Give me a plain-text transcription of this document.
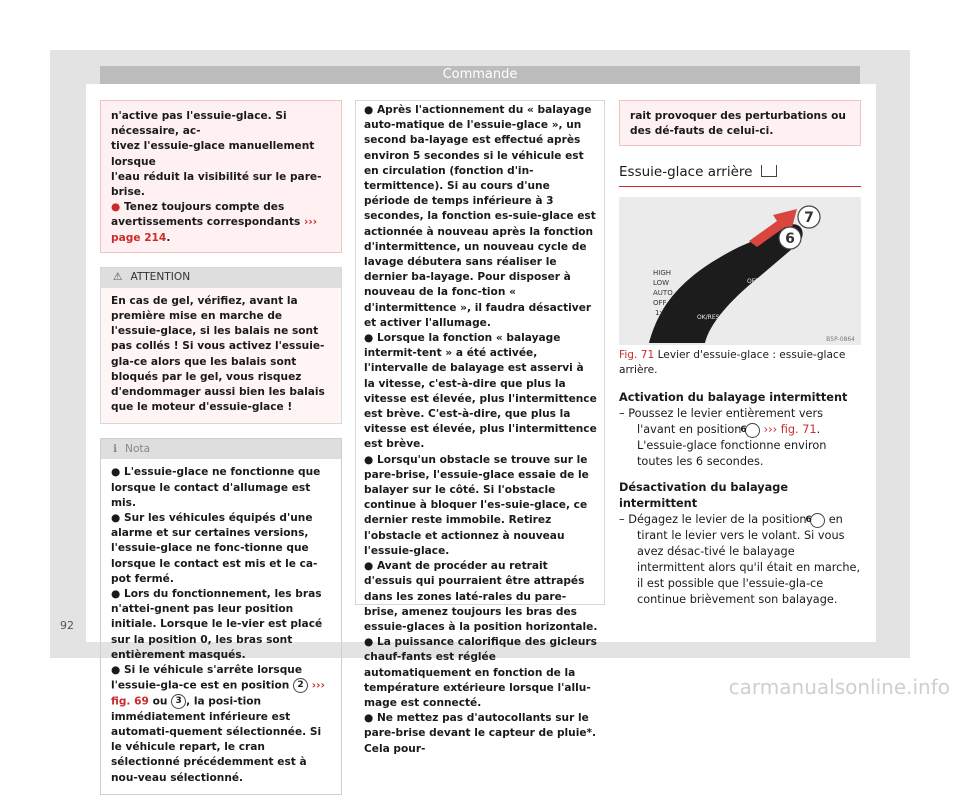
Commande
n'active pas l'essuie-glace. Si nécessaire, ac-
tivez l'essuie-glace manuellement lorsque
l'eau réduit la visibilité sur le pare-brise.
● Tenez toujours compte des avertissements correspondants ››› page 214.
⚠ ATTENTION
En cas de gel, vérifiez, avant la première mise en marche de l'essuie-glace, si les balais ne sont pas collés ! Si vous activez l'essuie-gla-ce alors que les balais sont bloqués par le gel, vous risquez d'endommager aussi bien les balais que le moteur d'essuie-glace !
ℹ Nota
● L'essuie-glace ne fonctionne que lorsque le contact d'allumage est mis.
● Sur les véhicules équipés d'une alarme et sur certaines versions, l'essuie-glace ne fonc-tionne que lorsque le contact est mis et le ca-pot fermé.
● Lors du fonctionnement, les bras n'attei-gnent pas leur position initiale. Lorsque le le-vier est placé sur la position 0, les bras sont entièrement masqués.
● Si le véhicule s'arrête lorsque l'essuie-gla-ce est en position 2 ››› fig. 69 ou 3 , la posi-tion immédiatement inférieure est automati-quement sélectionnée. Si le véhicule repart, le cran sélectionné précédemment est à nou-veau sélectionné.
● Après l'actionnement du « balayage auto-matique de l'essuie-glace », un second ba-layage est effectué après environ 5 secondes si le véhicule est en circulation (fonction d'in-termittence). Si au cours d'une période de temps inférieure à 3 secondes, la fonction es-suie-glace est actionnée à nouveau après la fonction d'intermittence, un nouveau cycle de lavage débutera sans réaliser le dernier ba-layage. Pour disposer à nouveau de la fonc-tion « d'intermittence », il faudra désactiver et activer l'allumage.
● Lorsque la fonction « balayage intermit-tent » a été activée, l'intervalle de balayage est asservi à la vitesse, c'est-à-dire que plus la vitesse est élevée, plus l'intermittence est brève. C'est-à-dire, que plus la vitesse est élevée, plus l'intermittence est brève.
● Lorsqu'un obstacle se trouve sur le pare-brise, l'essuie-glace essaie de le balayer sur le côté. Si l'obstacle continue à bloquer l'es-suie-glace, ce dernier reste immobile. Retirez l'obstacle et actionnez à nouveau l'essuie-glace.
● Avant de procéder au retrait d'essuis qui pourraient être attrapés dans les zones laté-rales du pare-brise, amenez toujours les bras des essuie-glaces à la position horizontale.
● La puissance calorifique des gicleurs chauf-fants est réglée automatiquement en fonction de la température extérieure lorsque l'allu-mage est connecté.
● Ne mettez pas d'autocollants sur le pare-brise devant le capteur de pluie*. Cela pour-
rait provoquer des perturbations ou des dé-fauts de celui-ci.
Essuie-glace arrière
7
6
HIGH
LOW
AUTO
OFF
1x
OK/RESET
OFF
B5P-0864
Fig. 71 Levier d'essuie-glace : essuie-glace arrière.

Activation du balayage intermittent

– Poussez le levier entièrement vers l'avant en position 6 ››› fig. 71. L'essuie-glace fonctionne environ toutes les 6 secondes.

Désactivation du balayage intermittent

– Dégagez le levier de la position 6 en tirant le levier vers le volant. Si vous avez désac-tivé le balayage intermittent alors qu'il était en marche, il est possible que l'essuie-gla-ce continue brièvement son balayage.

92
carmanualsonline.info
